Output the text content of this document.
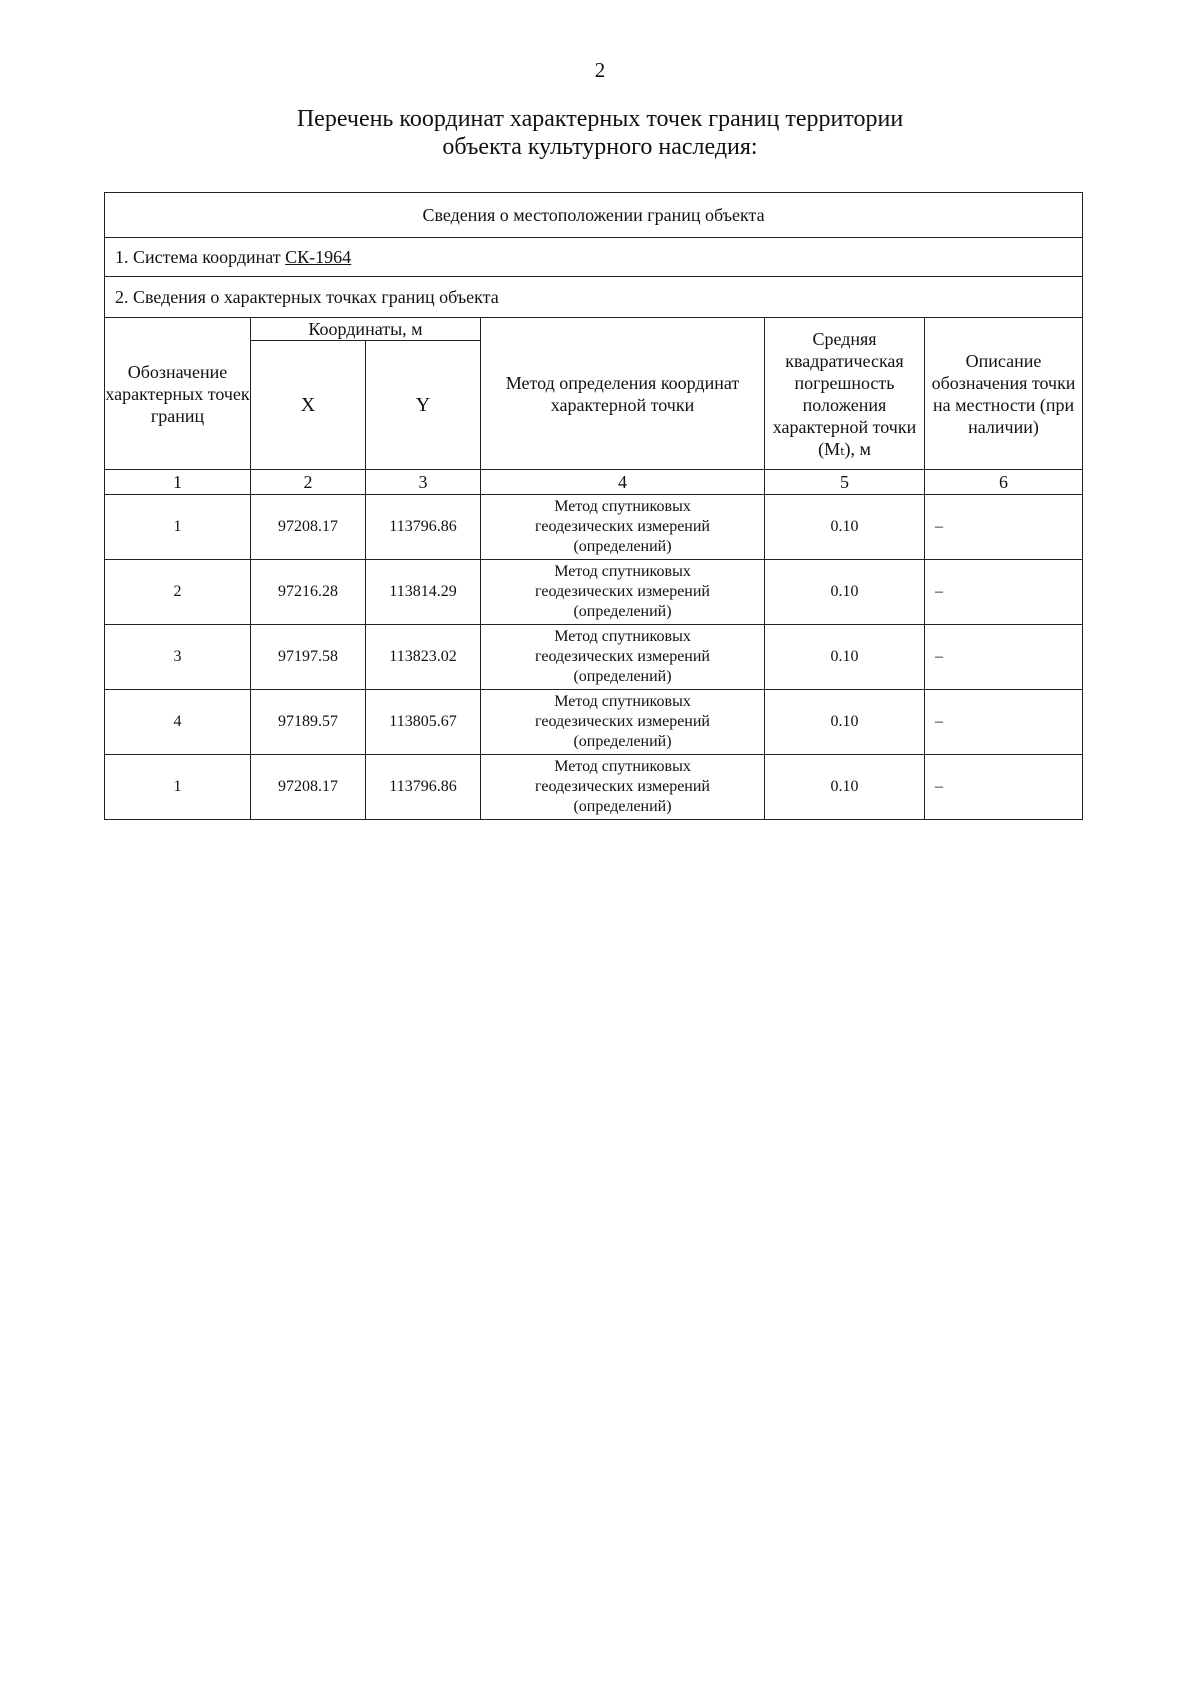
2
Перечень координат характерных точек границ территории
объекта культурного наследия:
Сведения о местоположении границ объекта					
1. Система координат СК-1964					
2. Сведения о характерных точках границ объекта					
Обозначение характерных точек границ	Координаты, м		Метод определения координат характерной точки	Средняя квадратическая погрешность положения характерной точки (Mₜ), м	Описание обозначения точки на местности (при наличии)
	X	Y			
1	2	3	4	5	6
1	97208.17	113796.86	Метод спутниковых
геодезических измерений
(определений)	0.10	–
2	97216.28	113814.29	Метод спутниковых
геодезических измерений
(определений)	0.10	–
3	97197.58	113823.02	Метод спутниковых
геодезических измерений
(определений)	0.10	–
4	97189.57	113805.67	Метод спутниковых
геодезических измерений
(определений)	0.10	–
1	97208.17	113796.86	Метод спутниковых
геодезических измерений
(определений)	0.10	–
